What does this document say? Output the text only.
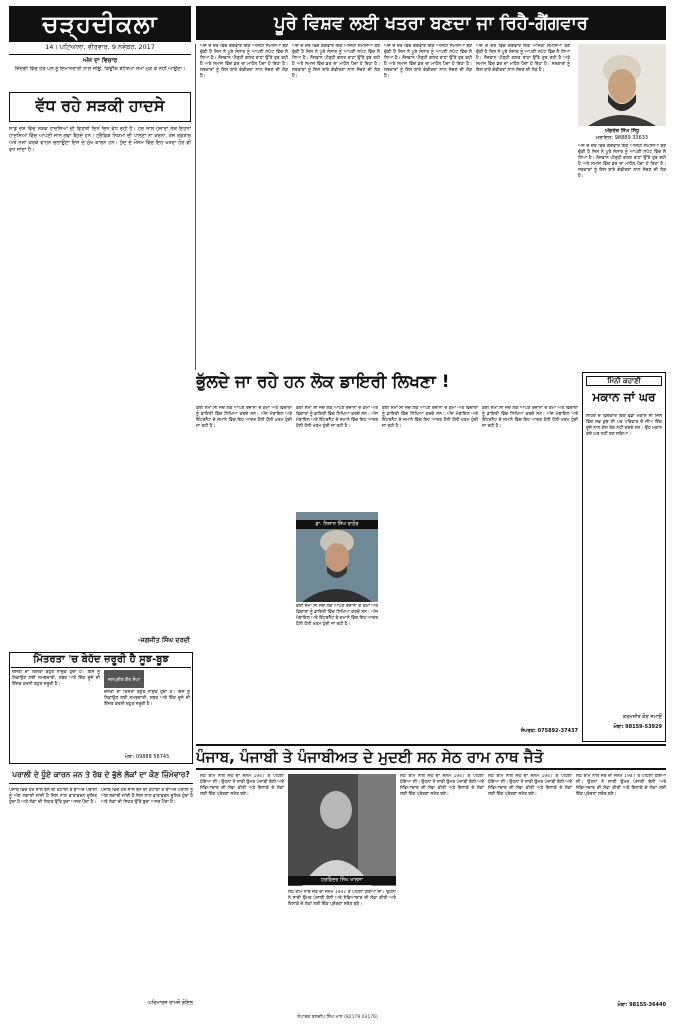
ਚੜ੍ਹਦੀਕਲਾ
14। ਪਟਿਆਲਾ, ਵੀਰਵਾਰ, 9 ਨਵੰਬਰ, 2017
ਅੱਜ ਦਾ ਵਿਚਾਰ
ਜ਼ਿੰਦਗੀ ਵਿੱਚ ਹਰ ਪਲ ਨੂੰ ਇਮਾਨਦਾਰੀ ਨਾਲ ਜੀਉ, ਕਿਉਂਕਿ ਬੀਤਿਆ ਸਮਾਂ ਮੁੜ ਕੇ ਨਹੀਂ ਆਉਂਦਾ।
ਪੂਰੇ ਵਿਸ਼ਵ ਲਈ ਖਤਰਾ ਬਣਦਾ ਜਾ ਰਿਹੈ-ਗੈਂਗਵਾਰ
ਅੱਜ ਦੇ ਦੌਰ ਵਿੱਚ ਗੈਂਗਵਾਰ ਇੱਕ ਅਜਿਹੀ ਸਮੱਸਿਆ ਬਣ ਚੁੱਕੀ ਹੈ ਜਿਸ ਨੇ ਪੂਰੇ ਸੰਸਾਰ ਨੂੰ ਆਪਣੀ ਲਪੇਟ ਵਿੱਚ ਲੈ ਲਿਆ ਹੈ। ਨੌਜਵਾਨ ਪੀੜ੍ਹੀ ਗਲਤ ਰਾਹਾਂ ਉੱਤੇ ਤੁਰ ਰਹੀ ਹੈ ਅਤੇ ਸਮਾਜ ਵਿੱਚ ਡਰ ਦਾ ਮਾਹੌਲ ਪੈਦਾ ਹੋ ਰਿਹਾ ਹੈ। ਸਰਕਾਰਾਂ ਨੂੰ ਇਸ ਬਾਰੇ ਗੰਭੀਰਤਾ ਨਾਲ ਸੋਚਣ ਦੀ ਲੋੜ ਹੈ।
ਅੱਜ ਦੇ ਦੌਰ ਵਿੱਚ ਗੈਂਗਵਾਰ ਇੱਕ ਅਜਿਹੀ ਸਮੱਸਿਆ ਬਣ ਚੁੱਕੀ ਹੈ ਜਿਸ ਨੇ ਪੂਰੇ ਸੰਸਾਰ ਨੂੰ ਆਪਣੀ ਲਪੇਟ ਵਿੱਚ ਲੈ ਲਿਆ ਹੈ। ਨੌਜਵਾਨ ਪੀੜ੍ਹੀ ਗਲਤ ਰਾਹਾਂ ਉੱਤੇ ਤੁਰ ਰਹੀ ਹੈ ਅਤੇ ਸਮਾਜ ਵਿੱਚ ਡਰ ਦਾ ਮਾਹੌਲ ਪੈਦਾ ਹੋ ਰਿਹਾ ਹੈ। ਸਰਕਾਰਾਂ ਨੂੰ ਇਸ ਬਾਰੇ ਗੰਭੀਰਤਾ ਨਾਲ ਸੋਚਣ ਦੀ ਲੋੜ ਹੈ।
ਅੱਜ ਦੇ ਦੌਰ ਵਿੱਚ ਗੈਂਗਵਾਰ ਇੱਕ ਅਜਿਹੀ ਸਮੱਸਿਆ ਬਣ ਚੁੱਕੀ ਹੈ ਜਿਸ ਨੇ ਪੂਰੇ ਸੰਸਾਰ ਨੂੰ ਆਪਣੀ ਲਪੇਟ ਵਿੱਚ ਲੈ ਲਿਆ ਹੈ। ਨੌਜਵਾਨ ਪੀੜ੍ਹੀ ਗਲਤ ਰਾਹਾਂ ਉੱਤੇ ਤੁਰ ਰਹੀ ਹੈ ਅਤੇ ਸਮਾਜ ਵਿੱਚ ਡਰ ਦਾ ਮਾਹੌਲ ਪੈਦਾ ਹੋ ਰਿਹਾ ਹੈ। ਸਰਕਾਰਾਂ ਨੂੰ ਇਸ ਬਾਰੇ ਗੰਭੀਰਤਾ ਨਾਲ ਸੋਚਣ ਦੀ ਲੋੜ ਹੈ।
ਅੱਜ ਦੇ ਦੌਰ ਵਿੱਚ ਗੈਂਗਵਾਰ ਇੱਕ ਅਜਿਹੀ ਸਮੱਸਿਆ ਬਣ ਚੁੱਕੀ ਹੈ ਜਿਸ ਨੇ ਪੂਰੇ ਸੰਸਾਰ ਨੂੰ ਆਪਣੀ ਲਪੇਟ ਵਿੱਚ ਲੈ ਲਿਆ ਹੈ। ਨੌਜਵਾਨ ਪੀੜ੍ਹੀ ਗਲਤ ਰਾਹਾਂ ਉੱਤੇ ਤੁਰ ਰਹੀ ਹੈ ਅਤੇ ਸਮਾਜ ਵਿੱਚ ਡਰ ਦਾ ਮਾਹੌਲ ਪੈਦਾ ਹੋ ਰਿਹਾ ਹੈ। ਸਰਕਾਰਾਂ ਨੂੰ ਇਸ ਬਾਰੇ ਗੰਭੀਰਤਾ ਨਾਲ ਸੋਚਣ ਦੀ ਲੋੜ ਹੈ।
ਅੰਗਰੇਜ਼ ਸਿੰਘ ਸਿੱਧੂ
ਮੋਬਾਇਲ: 98889 33633
ਅੱਜ ਦੇ ਦੌਰ ਵਿੱਚ ਗੈਂਗਵਾਰ ਇੱਕ ਅਜਿਹੀ ਸਮੱਸਿਆ ਬਣ ਚੁੱਕੀ ਹੈ ਜਿਸ ਨੇ ਪੂਰੇ ਸੰਸਾਰ ਨੂੰ ਆਪਣੀ ਲਪੇਟ ਵਿੱਚ ਲੈ ਲਿਆ ਹੈ। ਨੌਜਵਾਨ ਪੀੜ੍ਹੀ ਗਲਤ ਰਾਹਾਂ ਉੱਤੇ ਤੁਰ ਰਹੀ ਹੈ ਅਤੇ ਸਮਾਜ ਵਿੱਚ ਡਰ ਦਾ ਮਾਹੌਲ ਪੈਦਾ ਹੋ ਰਿਹਾ ਹੈ। ਸਰਕਾਰਾਂ ਨੂੰ ਇਸ ਬਾਰੇ ਗੰਭੀਰਤਾ ਨਾਲ ਸੋਚਣ ਦੀ ਲੋੜ ਹੈ।
ਵੱਧ ਰਹੇ ਸੜਕੀ ਹਾਦਸੇ
ਸਾਡੇ ਦੇਸ਼ ਵਿੱਚ ਸੜਕ ਹਾਦਸਿਆਂ ਦੀ ਗਿਣਤੀ ਦਿਨੋਂ ਦਿਨ ਵੱਧ ਰਹੀ ਹੈ। ਹਰ ਸਾਲ ਹਜ਼ਾਰਾਂ ਲੋਕ ਇਹਨਾਂ ਹਾਦਸਿਆਂ ਵਿੱਚ ਆਪਣੀ ਜਾਨ ਗਵਾ ਬੈਠਦੇ ਹਨ। ਟ੍ਰੈਫਿਕ ਨਿਯਮਾਂ ਦੀ ਪਾਲਣਾ ਨਾ ਕਰਨਾ, ਤੇਜ਼ ਰਫ਼ਤਾਰ ਅਤੇ ਨਸ਼ਾ ਕਰਕੇ ਵਾਹਨ ਚਲਾਉਣਾ ਇਸ ਦੇ ਮੁੱਖ ਕਾਰਨ ਹਨ। ਧੁੰਦ ਦੇ ਮੌਸਮ ਵਿੱਚ ਇਹ ਖਤਰਾ ਹੋਰ ਵੀ ਵਧ ਜਾਂਦਾ ਹੈ।
-ਜਗਜੀਤ ਸਿੰਘ ਦਰਦੀ
ਭੁੱਲਦੇ ਜਾ ਰਹੇ ਹਨ ਲੋਕ ਡਾਇਰੀ ਲਿਖਣਾ !
ਕੋਈ ਸਮਾਂ ਸੀ ਜਦੋਂ ਲੋਕ ਆਪਣੇ ਰੋਜ਼ਾਨਾ ਦੇ ਕੰਮਾਂ ਅਤੇ ਵਿਚਾਰਾਂ ਨੂੰ ਡਾਇਰੀ ਵਿੱਚ ਲਿਖਿਆ ਕਰਦੇ ਸਨ। ਅੱਜ ਮੋਬਾਇਲ ਅਤੇ ਇੰਟਰਨੈੱਟ ਦੇ ਜ਼ਮਾਨੇ ਵਿੱਚ ਇਹ ਆਦਤ ਹੌਲੀ ਹੌਲੀ ਖਤਮ ਹੁੰਦੀ ਜਾ ਰਹੀ ਹੈ।
ਕੋਈ ਸਮਾਂ ਸੀ ਜਦੋਂ ਲੋਕ ਆਪਣੇ ਰੋਜ਼ਾਨਾ ਦੇ ਕੰਮਾਂ ਅਤੇ ਵਿਚਾਰਾਂ ਨੂੰ ਡਾਇਰੀ ਵਿੱਚ ਲਿਖਿਆ ਕਰਦੇ ਸਨ। ਅੱਜ ਮੋਬਾਇਲ ਅਤੇ ਇੰਟਰਨੈੱਟ ਦੇ ਜ਼ਮਾਨੇ ਵਿੱਚ ਇਹ ਆਦਤ ਹੌਲੀ ਹੌਲੀ ਖਤਮ ਹੁੰਦੀ ਜਾ ਰਹੀ ਹੈ।
ਡਾ. ਨਿਸ਼ਾਨ ਸਿੰਘ ਰਾਠੌਰ
ਕੋਈ ਸਮਾਂ ਸੀ ਜਦੋਂ ਲੋਕ ਆਪਣੇ ਰੋਜ਼ਾਨਾ ਦੇ ਕੰਮਾਂ ਅਤੇ ਵਿਚਾਰਾਂ ਨੂੰ ਡਾਇਰੀ ਵਿੱਚ ਲਿਖਿਆ ਕਰਦੇ ਸਨ। ਅੱਜ ਮੋਬਾਇਲ ਅਤੇ ਇੰਟਰਨੈੱਟ ਦੇ ਜ਼ਮਾਨੇ ਵਿੱਚ ਇਹ ਆਦਤ ਹੌਲੀ ਹੌਲੀ ਖਤਮ ਹੁੰਦੀ ਜਾ ਰਹੀ ਹੈ।
ਕੋਈ ਸਮਾਂ ਸੀ ਜਦੋਂ ਲੋਕ ਆਪਣੇ ਰੋਜ਼ਾਨਾ ਦੇ ਕੰਮਾਂ ਅਤੇ ਵਿਚਾਰਾਂ ਨੂੰ ਡਾਇਰੀ ਵਿੱਚ ਲਿਖਿਆ ਕਰਦੇ ਸਨ। ਅੱਜ ਮੋਬਾਇਲ ਅਤੇ ਇੰਟਰਨੈੱਟ ਦੇ ਜ਼ਮਾਨੇ ਵਿੱਚ ਇਹ ਆਦਤ ਹੌਲੀ ਹੌਲੀ ਖਤਮ ਹੁੰਦੀ ਜਾ ਰਹੀ ਹੈ।
ਕੋਈ ਸਮਾਂ ਸੀ ਜਦੋਂ ਲੋਕ ਆਪਣੇ ਰੋਜ਼ਾਨਾ ਦੇ ਕੰਮਾਂ ਅਤੇ ਵਿਚਾਰਾਂ ਨੂੰ ਡਾਇਰੀ ਵਿੱਚ ਲਿਖਿਆ ਕਰਦੇ ਸਨ। ਅੱਜ ਮੋਬਾਇਲ ਅਤੇ ਇੰਟਰਨੈੱਟ ਦੇ ਜ਼ਮਾਨੇ ਵਿੱਚ ਇਹ ਆਦਤ ਹੌਲੀ ਹੌਲੀ ਖਤਮ ਹੁੰਦੀ ਜਾ ਰਹੀ ਹੈ।
ਸੰਪਰਕ: 075892-37437
ਮਿੰਨੀ ਕਹਾਣੀ
ਮਕਾਨ ਜਾਂ ਘਰ
ਸ਼ਹਿਰ ਦੇ ਵਿਚਕਾਰ ਇੱਕ ਵੱਡਾ ਮਕਾਨ ਸੀ ਜਿਸ ਵਿੱਚ ਸਭ ਕੁਝ ਸੀ ਪਰ ਪਰਿਵਾਰ ਦੇ ਜੀਅ ਇੱਕ ਦੂਜੇ ਨਾਲ ਗੱਲ ਤੱਕ ਨਹੀਂ ਕਰਦੇ ਸਨ। ਉਹ ਮਕਾਨ ਕਦੇ ਘਰ ਨਹੀਂ ਬਣ ਸਕਿਆ।
ਕਰਮਜੀਤ ਕੌਰ ਸਮਾਓਂ
ਮੋਬਾ: 98159-53929
ਮਿੱਤਰਤਾ 'ਚ ਬੇਹੱਦ ਜ਼ਰੂਰੀ ਹੈ ਸੂਝ-ਬੂਝ
ਦੋਸਤੀ ਦਾ ਰਿਸ਼ਤਾ ਬਹੁਤ ਨਾਜ਼ੁਕ ਹੁੰਦਾ ਹੈ। ਇਸ ਨੂੰ ਨਿਭਾਉਣ ਲਈ ਸਮਝਦਾਰੀ, ਸਬਰ ਅਤੇ ਇੱਕ ਦੂਜੇ ਦੀ ਇੱਜ਼ਤ ਕਰਨੀ ਬਹੁਤ ਜ਼ਰੂਰੀ ਹੈ।
ਜਸਪ੍ਰੀਤ ਕੌਰ ਸੰਘਾ
ਦੋਸਤੀ ਦਾ ਰਿਸ਼ਤਾ ਬਹੁਤ ਨਾਜ਼ੁਕ ਹੁੰਦਾ ਹੈ। ਇਸ ਨੂੰ ਨਿਭਾਉਣ ਲਈ ਸਮਝਦਾਰੀ, ਸਬਰ ਅਤੇ ਇੱਕ ਦੂਜੇ ਦੀ ਇੱਜ਼ਤ ਕਰਨੀ ਬਹੁਤ ਜ਼ਰੂਰੀ ਹੈ।
ਮੋਬਾ: 09888 58745	ਪੰਜਾਬ, ਪੰਜਾਬੀ ਤੇ ਪੰਜਾਬੀਅਤ ਦੇ ਮੁਦਈ ਸਨ ਸੇਠ ਰਾਮ ਨਾਥ ਜੈਤੋ
ਸੇਠ ਰਾਮ ਨਾਥ ਜੈਤੋ ਦਾ ਜਨਮ 1947 ਤੋਂ ਪਹਿਲਾਂ ਹੋਇਆ ਸੀ। ਉਹਨਾਂ ਨੇ ਸਾਰੀ ਉਮਰ ਪੰਜਾਬੀ ਬੋਲੀ ਅਤੇ ਸੱਭਿਆਚਾਰ ਦੀ ਸੇਵਾ ਕੀਤੀ ਅਤੇ ਇਲਾਕੇ ਦੇ ਲੋਕਾਂ ਲਈ ਇੱਕ ਪ੍ਰੇਰਣਾ ਸਰੋਤ ਬਣੇ।
ਹਰਵਿੰਦਰ ਸਿੰਘ ਖਾਲਸਾ
ਸੇਠ ਰਾਮ ਨਾਥ ਜੈਤੋ ਦਾ ਜਨਮ 1947 ਤੋਂ ਪਹਿਲਾਂ ਹੋਇਆ ਸੀ। ਉਹਨਾਂ ਨੇ ਸਾਰੀ ਉਮਰ ਪੰਜਾਬੀ ਬੋਲੀ ਅਤੇ ਸੱਭਿਆਚਾਰ ਦੀ ਸੇਵਾ ਕੀਤੀ ਅਤੇ ਇਲਾਕੇ ਦੇ ਲੋਕਾਂ ਲਈ ਇੱਕ ਪ੍ਰੇਰਣਾ ਸਰੋਤ ਬਣੇ।
ਸੇਠ ਰਾਮ ਨਾਥ ਜੈਤੋ ਦਾ ਜਨਮ 1947 ਤੋਂ ਪਹਿਲਾਂ ਹੋਇਆ ਸੀ। ਉਹਨਾਂ ਨੇ ਸਾਰੀ ਉਮਰ ਪੰਜਾਬੀ ਬੋਲੀ ਅਤੇ ਸੱਭਿਆਚਾਰ ਦੀ ਸੇਵਾ ਕੀਤੀ ਅਤੇ ਇਲਾਕੇ ਦੇ ਲੋਕਾਂ ਲਈ ਇੱਕ ਪ੍ਰੇਰਣਾ ਸਰੋਤ ਬਣੇ।
ਸੇਠ ਰਾਮ ਨਾਥ ਜੈਤੋ ਦਾ ਜਨਮ 1947 ਤੋਂ ਪਹਿਲਾਂ ਹੋਇਆ ਸੀ। ਉਹਨਾਂ ਨੇ ਸਾਰੀ ਉਮਰ ਪੰਜਾਬੀ ਬੋਲੀ ਅਤੇ ਸੱਭਿਆਚਾਰ ਦੀ ਸੇਵਾ ਕੀਤੀ ਅਤੇ ਇਲਾਕੇ ਦੇ ਲੋਕਾਂ ਲਈ ਇੱਕ ਪ੍ਰੇਰਣਾ ਸਰੋਤ ਬਣੇ।
ਸੇਠ ਰਾਮ ਨਾਥ ਜੈਤੋ ਦਾ ਜਨਮ 1947 ਤੋਂ ਪਹਿਲਾਂ ਹੋਇਆ ਸੀ। ਉਹਨਾਂ ਨੇ ਸਾਰੀ ਉਮਰ ਪੰਜਾਬੀ ਬੋਲੀ ਅਤੇ ਸੱਭਿਆਚਾਰ ਦੀ ਸੇਵਾ ਕੀਤੀ ਅਤੇ ਇਲਾਕੇ ਦੇ ਲੋਕਾਂ ਲਈ ਇੱਕ ਪ੍ਰੇਰਣਾ ਸਰੋਤ ਬਣੇ।
ਮੋਬਾ: 98155-36440
ਪਰਾਲੀ ਦੇ ਧੂੰਏ ਕਾਰਨ ਜਨ ਤੇ ਰੱਬ ਦੇ ਭੁੱਲੇ ਲੋਕਾਂ ਦਾ ਕੌਣ ਜ਼ਿੰਮੇਵਾਰ?
ਪੰਜਾਬ ਵਿੱਚ ਹਰ ਸਾਲ ਝੋਨੇ ਦੀ ਕਟਾਈ ਤੋਂ ਬਾਅਦ ਪਰਾਲੀ ਨੂੰ ਅੱਗ ਲਗਾਈ ਜਾਂਦੀ ਹੈ ਜਿਸ ਨਾਲ ਵਾਤਾਵਰਨ ਦੂਸ਼ਿਤ ਹੁੰਦਾ ਹੈ ਅਤੇ ਲੋਕਾਂ ਦੀ ਸਿਹਤ ਉੱਤੇ ਬੁਰਾ ਅਸਰ ਪੈਂਦਾ ਹੈ।
ਪੰਜਾਬ ਵਿੱਚ ਹਰ ਸਾਲ ਝੋਨੇ ਦੀ ਕਟਾਈ ਤੋਂ ਬਾਅਦ ਪਰਾਲੀ ਨੂੰ ਅੱਗ ਲਗਾਈ ਜਾਂਦੀ ਹੈ ਜਿਸ ਨਾਲ ਵਾਤਾਵਰਨ ਦੂਸ਼ਿਤ ਹੁੰਦਾ ਹੈ ਅਤੇ ਲੋਕਾਂ ਦੀ ਸਿਹਤ ਉੱਤੇ ਬੁਰਾ ਅਸਰ ਪੈਂਦਾ ਹੈ।
-ਪਰਿਮਾਰਜ ਰਾਮਜ਼ੋ ਗੋਇਲ
ਸੰਪਾਦਕ ਬਲਦੀਪ ਸਿੰਘ ਮਾਨ (82179 03176)
